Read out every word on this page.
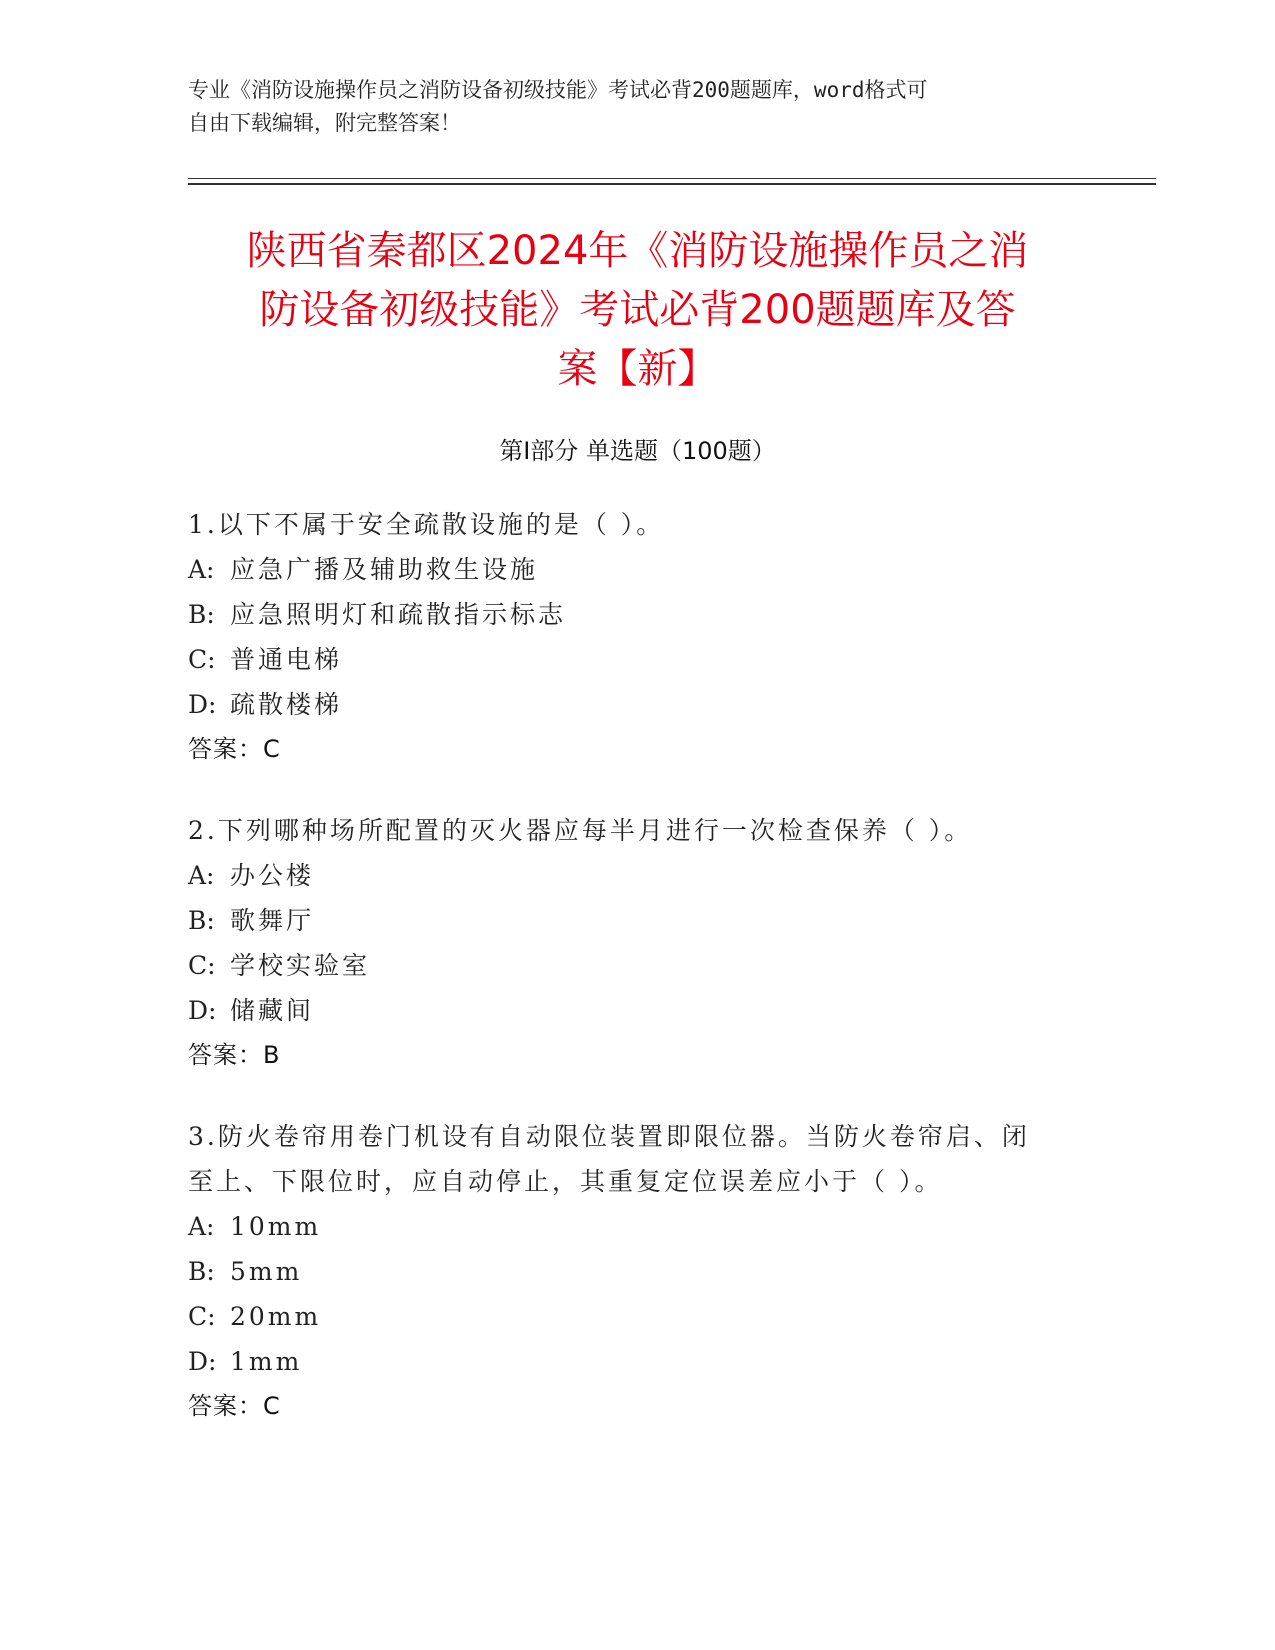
专业《消防设施操作员之消防设备初级技能》考试必背200题题库，word格式可
自由下载编辑，附完整答案！
陕西省秦都区2024年《消防设施操作员之消
防设备初级技能》考试必背200题题库及答
案【新】
第Ⅰ部分 单选题（100题）
1.以下不属于安全疏散设施的是（ ）。
A: 应急广播及辅助救生设施
B: 应急照明灯和疏散指示标志
C: 普通电梯
D: 疏散楼梯
答案：C
2.下列哪种场所配置的灭火器应每半月进行一次检查保养（ ）。
A: 办公楼
B: 歌舞厅
C: 学校实验室
D: 储藏间
答案：B
3.防火卷帘用卷门机设有自动限位装置即限位器。当防火卷帘启、闭
至上、下限位时，应自动停止，其重复定位误差应小于（ ）。
A: 10mm
B: 5mm
C: 20mm
D: 1mm
答案：C
